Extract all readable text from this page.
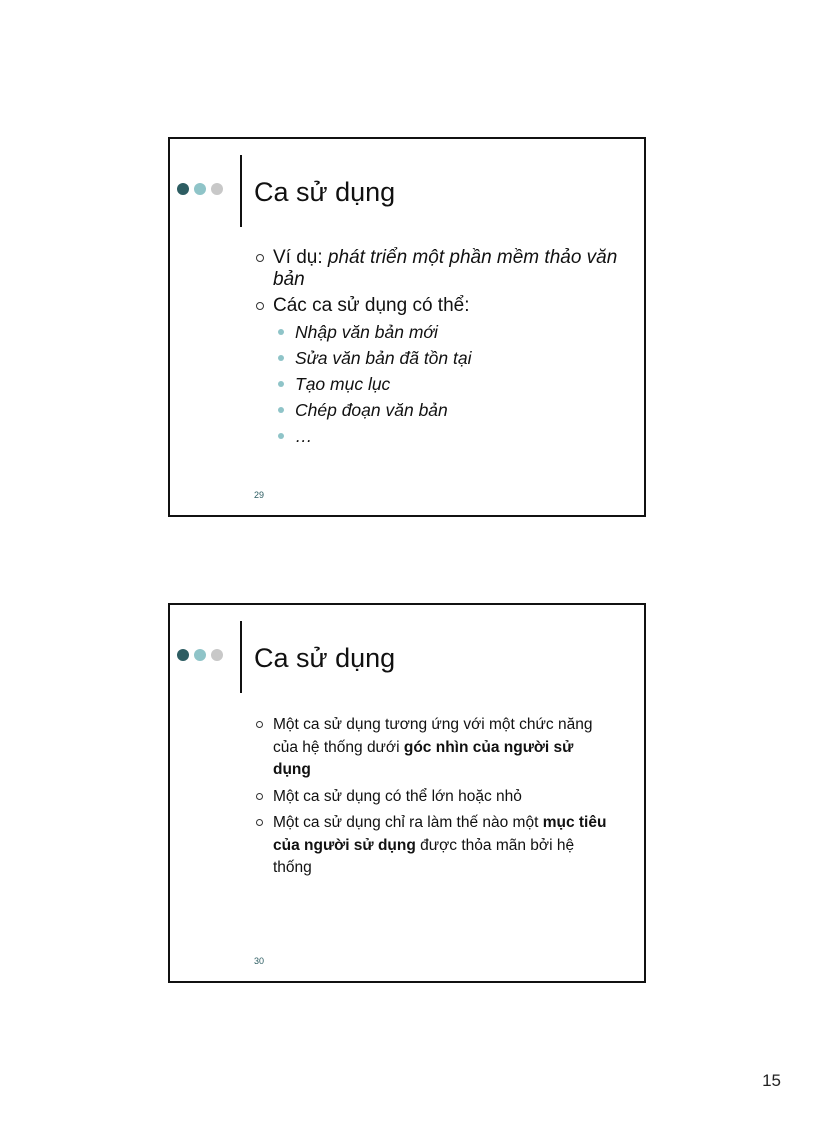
Ca sử dụng
Ví dụ: phát triển một phần mềm thảo văn bản
Các ca sử dụng có thể:
Nhập văn bản mới
Sửa văn bản đã tồn tại
Tạo mục lục
Chép đoạn văn bản
…
29
Ca sử dụng
Một ca sử dụng tương ứng với một chức năng của hệ thống dưới góc nhìn của người sử dụng
Một ca sử dụng có thể lớn hoặc nhỏ
Một ca sử dụng chỉ ra làm thế nào một mục tiêu của người sử dụng được thỏa mãn bởi hệ thống
30
15
